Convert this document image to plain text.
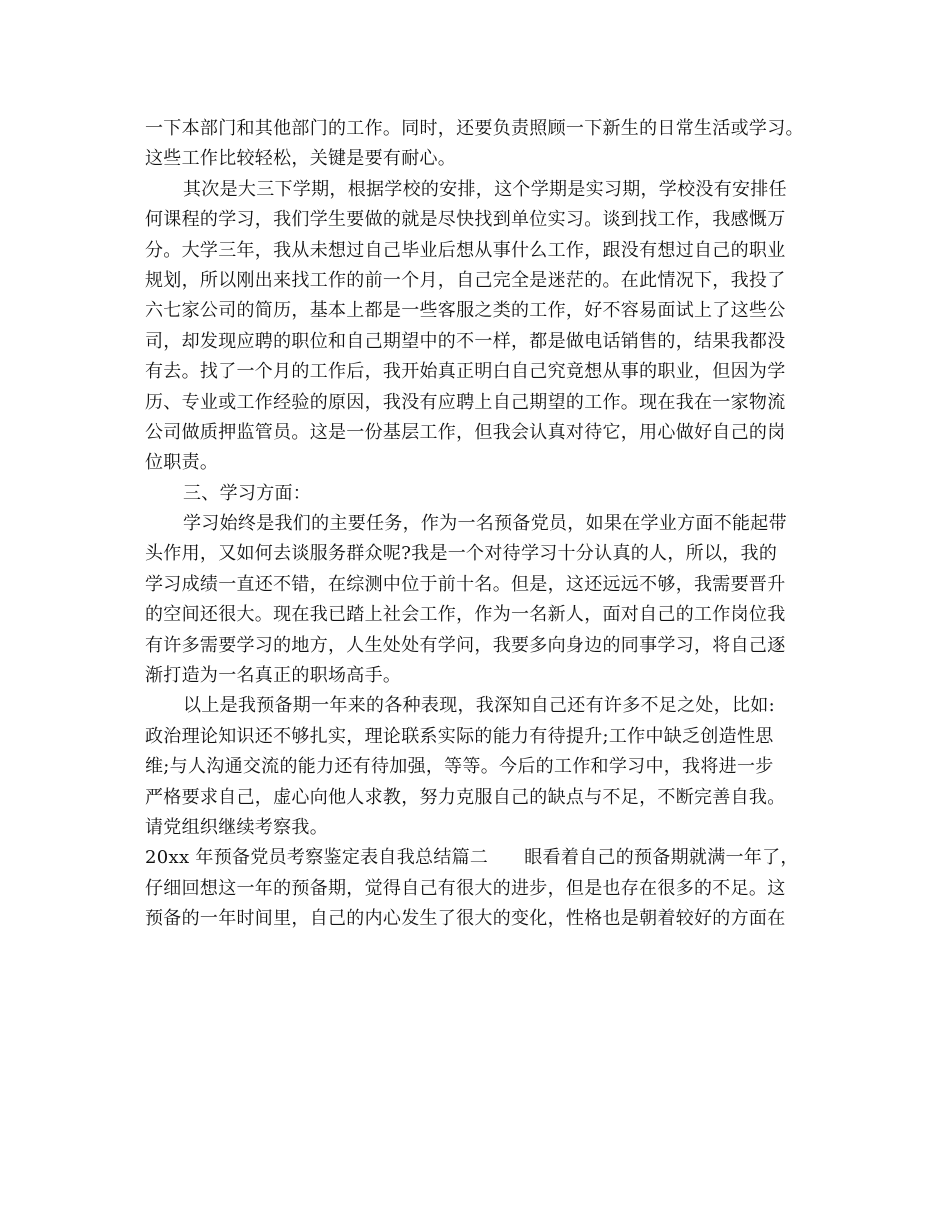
一下本部门和其他部门的工作。同时，还要负责照顾一下新生的日常生活或学习。
这些工作比较轻松，关键是要有耐心。
其次是大三下学期，根据学校的安排，这个学期是实习期，学校没有安排任
何课程的学习，我们学生要做的就是尽快找到单位实习。谈到找工作，我感慨万
分。大学三年，我从未想过自己毕业后想从事什么工作，跟没有想过自己的职业
规划，所以刚出来找工作的前一个月，自己完全是迷茫的。在此情况下，我投了
六七家公司的简历，基本上都是一些客服之类的工作，好不容易面试上了这些公
司，却发现应聘的职位和自己期望中的不一样，都是做电话销售的，结果我都没
有去。找了一个月的工作后，我开始真正明白自己究竟想从事的职业，但因为学
历、专业或工作经验的原因，我没有应聘上自己期望的工作。现在我在一家物流
公司做质押监管员。这是一份基层工作，但我会认真对待它，用心做好自己的岗
位职责。
三、学习方面：
学习始终是我们的主要任务，作为一名预备党员，如果在学业方面不能起带
头作用，又如何去谈服务群众呢?我是一个对待学习十分认真的人，所以，我的
学习成绩一直还不错，在综测中位于前十名。但是，这还远远不够，我需要晋升
的空间还很大。现在我已踏上社会工作，作为一名新人，面对自己的工作岗位我
有许多需要学习的地方，人生处处有学问，我要多向身边的同事学习，将自己逐
渐打造为一名真正的职场高手。
以上是我预备期一年来的各种表现，我深知自己还有许多不足之处，比如:
政治理论知识还不够扎实，理论联系实际的能力有待提升;工作中缺乏创造性思
维;与人沟通交流的能力还有待加强，等等。今后的工作和学习中，我将进一步
严格要求自己，虚心向他人求教，努力克服自己的缺点与不足，不断完善自我。
请党组织继续考察我。
20xx 年预备党员考察鉴定表自我总结篇二 眼看着自己的预备期就满一年了，
仔细回想这一年的预备期，觉得自己有很大的进步，但是也存在很多的不足。这
预备的一年时间里，自己的内心发生了很大的变化，性格也是朝着较好的方面在
